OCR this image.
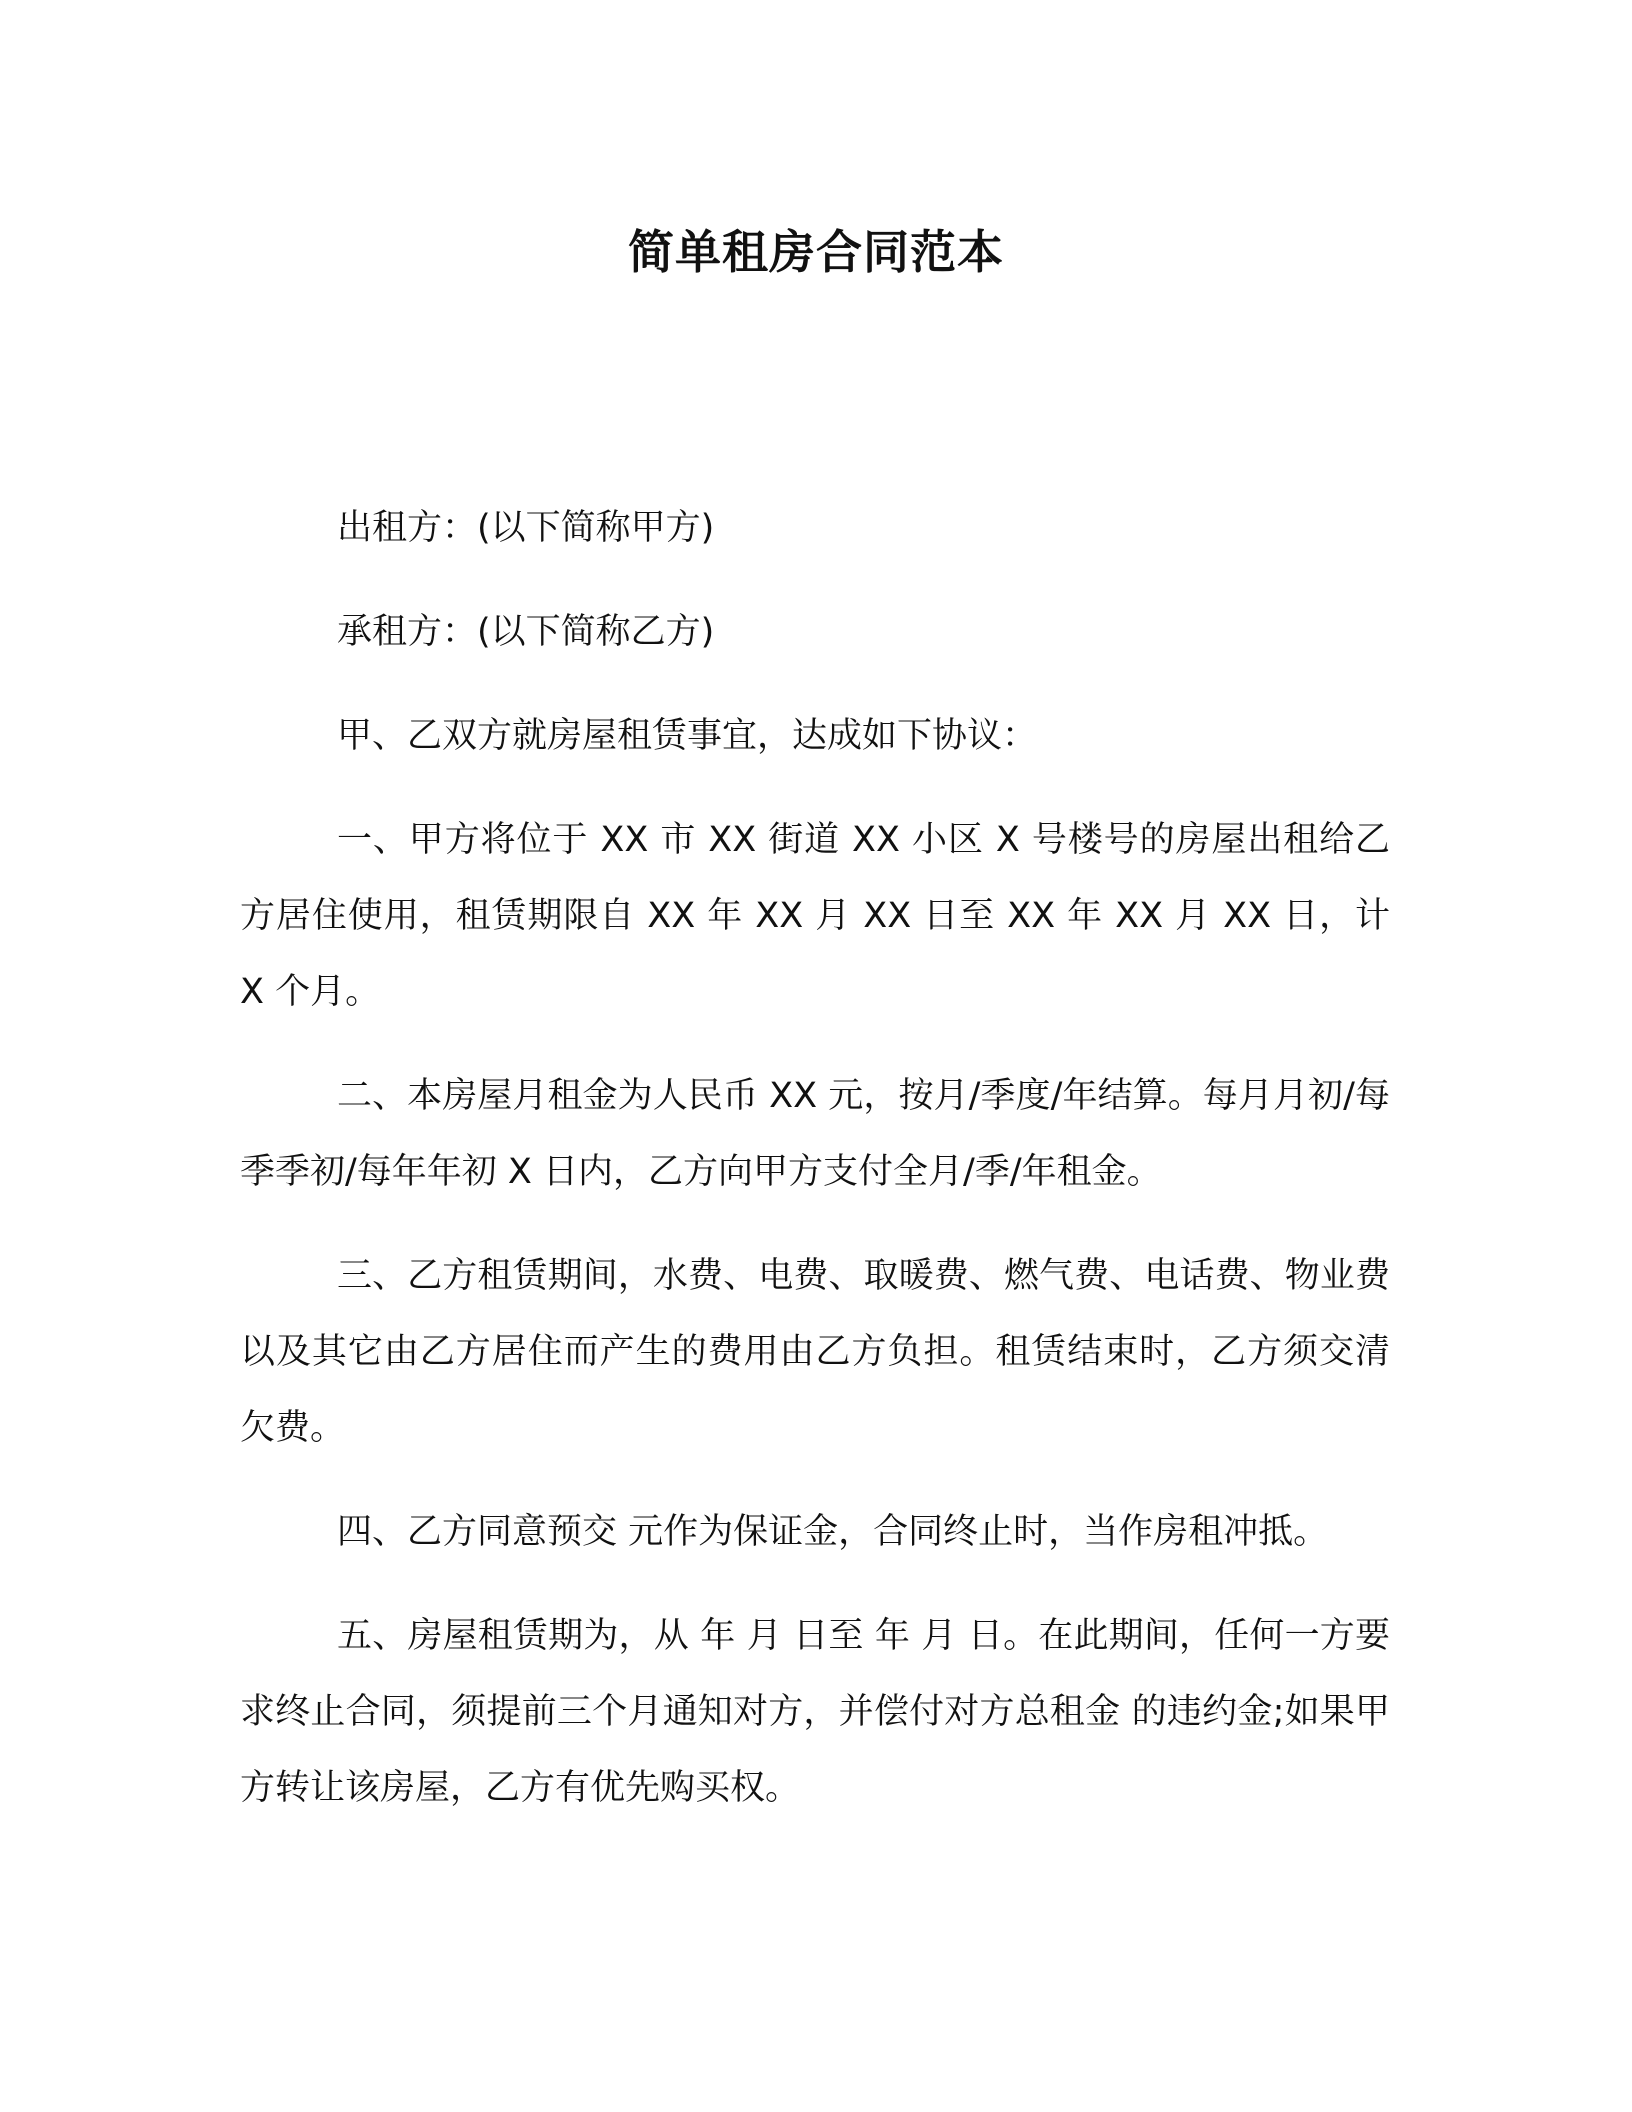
简单租房合同范本

出租方：(以下简称甲方)

承租方：(以下简称乙方)

甲、乙双方就房屋租赁事宜，达成如下协议：

一、甲方将位于 XX 市 XX 街道 XX 小区 X 号楼号的房屋出租给乙方居住使用，租赁期限自 XX 年 XX 月 XX 日至 XX 年 XX 月 XX 日，计 X 个月。

二、本房屋月租金为人民币 XX 元，按月/季度/年结算。每月月初/每季季初/每年年初 X 日内，乙方向甲方支付全月/季/年租金。

三、乙方租赁期间，水费、电费、取暖费、燃气费、电话费、物业费以及其它由乙方居住而产生的费用由乙方负担。租赁结束时，乙方须交清欠费。

四、乙方同意预交 元作为保证金，合同终止时，当作房租冲抵。

五、房屋租赁期为，从 年 月 日至 年 月 日。在此期间，任何一方要求终止合同，须提前三个月通知对方，并偿付对方总租金 的违约金;如果甲方转让该房屋，乙方有优先购买权。
